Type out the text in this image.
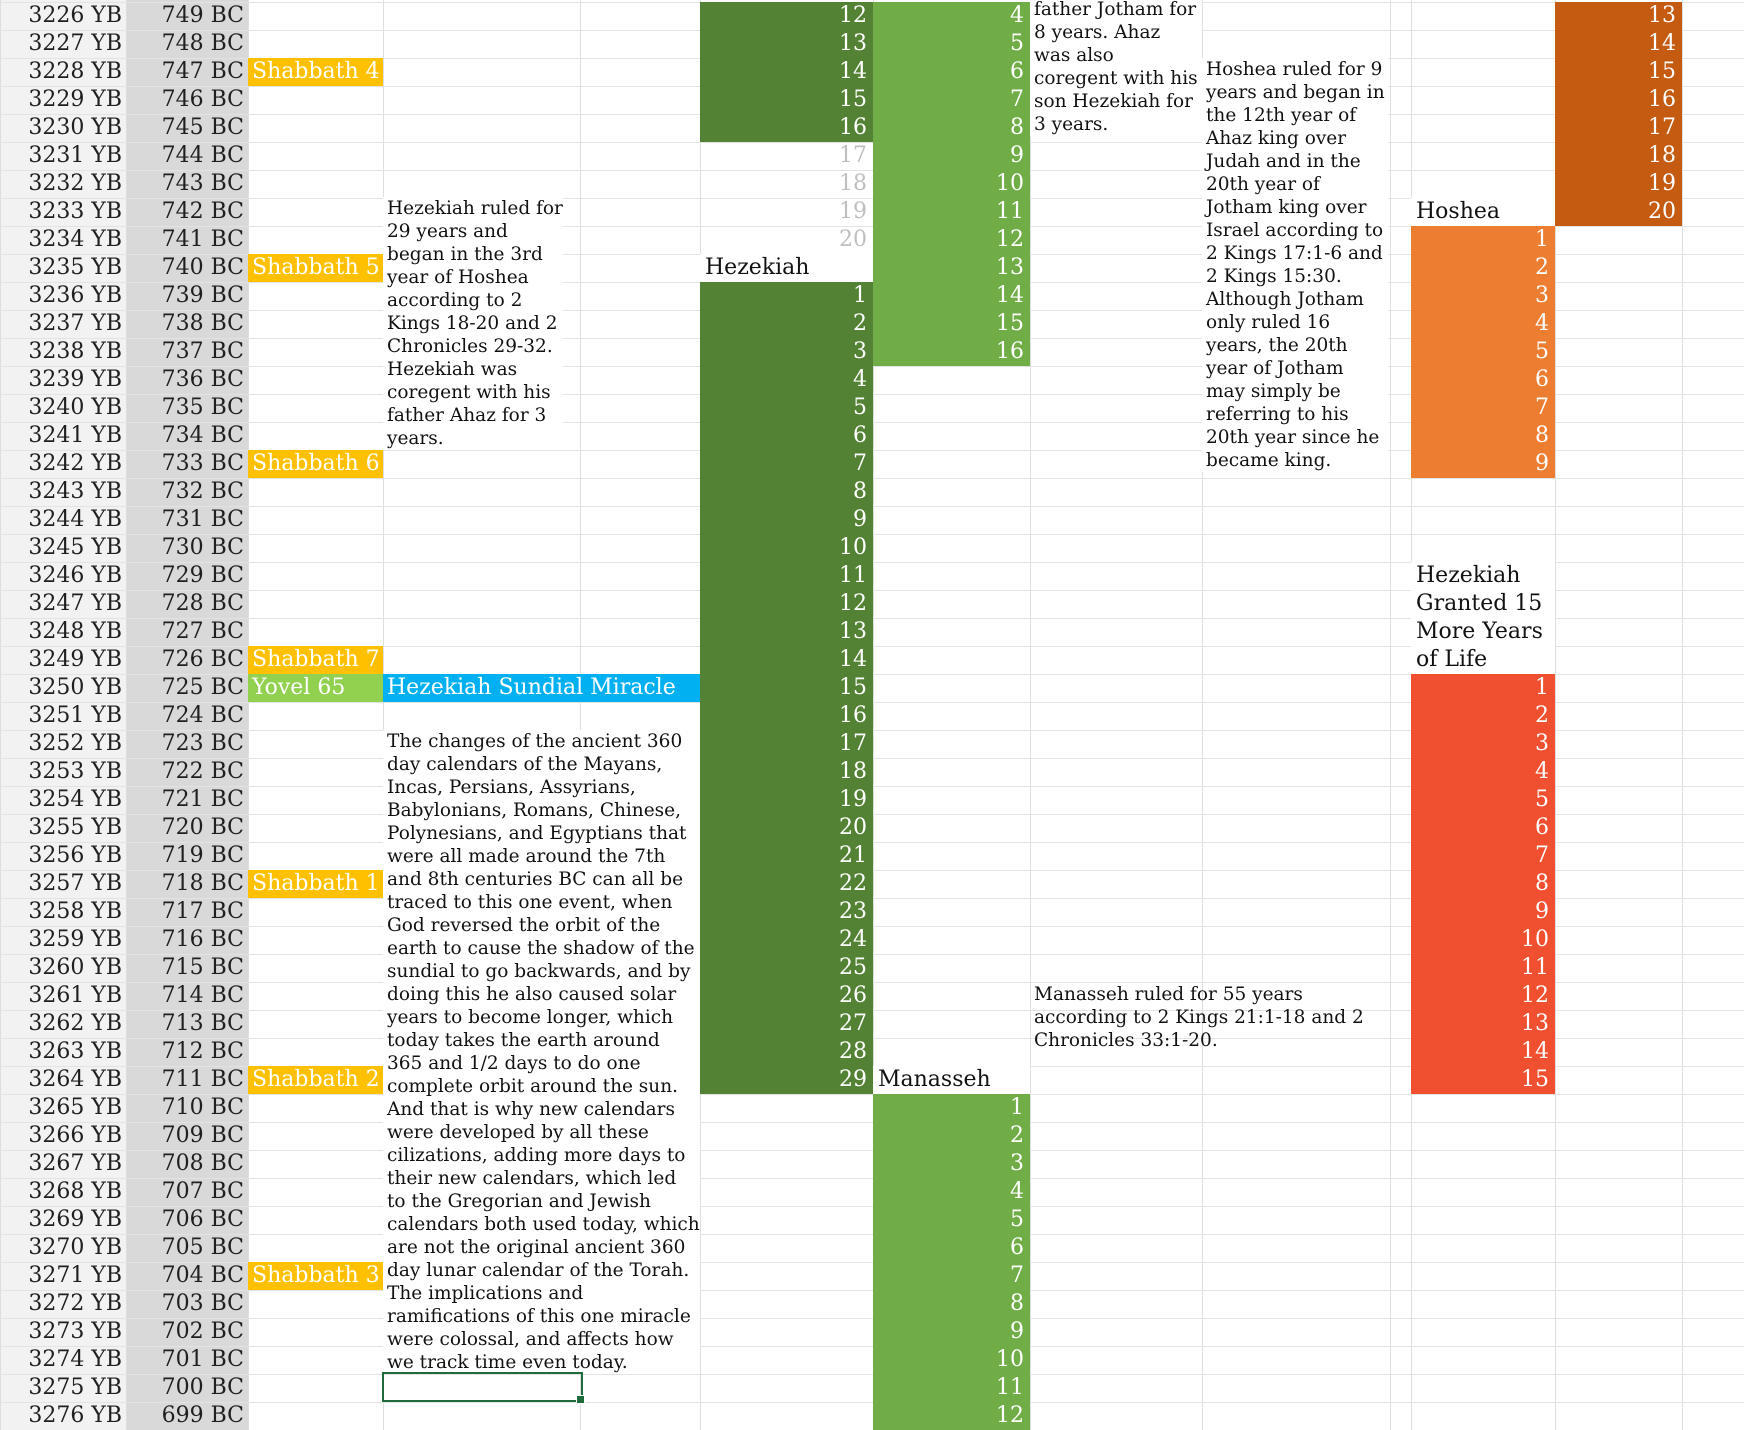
3226 YB
3227 YB
3228 YB
3229 YB
3230 YB
3231 YB
3232 YB
3233 YB
3234 YB
3235 YB
3236 YB
3237 YB
3238 YB
3239 YB
3240 YB
3241 YB
3242 YB
3243 YB
3244 YB
3245 YB
3246 YB
3247 YB
3248 YB
3249 YB
3250 YB
3251 YB
3252 YB
3253 YB
3254 YB
3255 YB
3256 YB
3257 YB
3258 YB
3259 YB
3260 YB
3261 YB
3262 YB
3263 YB
3264 YB
3265 YB
3266 YB
3267 YB
3268 YB
3269 YB
3270 YB
3271 YB
3272 YB
3273 YB
3274 YB
3275 YB
3276 YB
749 BC
748 BC
747 BC
746 BC
745 BC
744 BC
743 BC
742 BC
741 BC
740 BC
739 BC
738 BC
737 BC
736 BC
735 BC
734 BC
733 BC
732 BC
731 BC
730 BC
729 BC
728 BC
727 BC
726 BC
725 BC
724 BC
723 BC
722 BC
721 BC
720 BC
719 BC
718 BC
717 BC
716 BC
715 BC
714 BC
713 BC
712 BC
711 BC
710 BC
709 BC
708 BC
707 BC
706 BC
705 BC
704 BC
703 BC
702 BC
701 BC
700 BC
699 BC
Shabbath 4
Shabbath 5
Shabbath 6
Shabbath 7
Yovel 65
Shabbath 1
Shabbath 2
Shabbath 3
12
13
14
15
16
17
18
19
20
1
2
3
4
5
6
7
8
9
10
11
12
13
14
15
16
17
18
19
20
21
22
23
24
25
26
27
28
29
4
5
6
7
8
9
10
11
12
13
14
15
16
1
2
3
4
5
6
7
8
9
10
11
12
13
14
15
16
17
18
19
20
1
2
3
4
5
6
7
8
9
1
2
3
4
5
6
7
8
9
10
11
12
13
14
15
Hezekiah
Manasseh
Hoshea
Hezekiah Granted 15 More Years of Life
Hezekiah Sundial Miracle
Hezekiah ruled for 29 years and began in the 3rd year of Hoshea according to 2 Kings 18-20 and 2 Chronicles 29-32. Hezekiah was coregent with his father Ahaz for 3 years.
The changes of the ancient 360 day calendars of the Mayans, Incas, Persians, Assyrians, Babylonians, Romans, Chinese, Polynesians, and Egyptians that were all made around the 7th and 8th centuries BC can all be traced to this one event, when God reversed the orbit of the earth to cause the shadow of the sundial to go backwards, and by doing this he also caused solar years to become longer, which today takes the earth around 365 and 1/2 days to do one complete orbit around the sun. And that is why new calendars were developed by all these cilizations, adding more days to their new calendars, which led to the Gregorian and Jewish calendars both used today, which are not the original ancient 360 day lunar calendar of the Torah. The implications and ramifications of this one miracle were colossal, and affects how we track time even today.
father Jotham for 8 years. Ahaz was also coregent with his son Hezekiah for 3 years.
Hoshea ruled for 9 years and began in the 12th year of Ahaz king over Judah and in the 20th year of Jotham king over Israel according to 2 Kings 17:1-6 and 2 Kings 15:30. Although Jotham only ruled 16 years, the 20th year of Jotham may simply be referring to his 20th year since he became king.
Manasseh ruled for 55 years according to 2 Kings 21:1-18 and 2 Chronicles 33:1-20.
